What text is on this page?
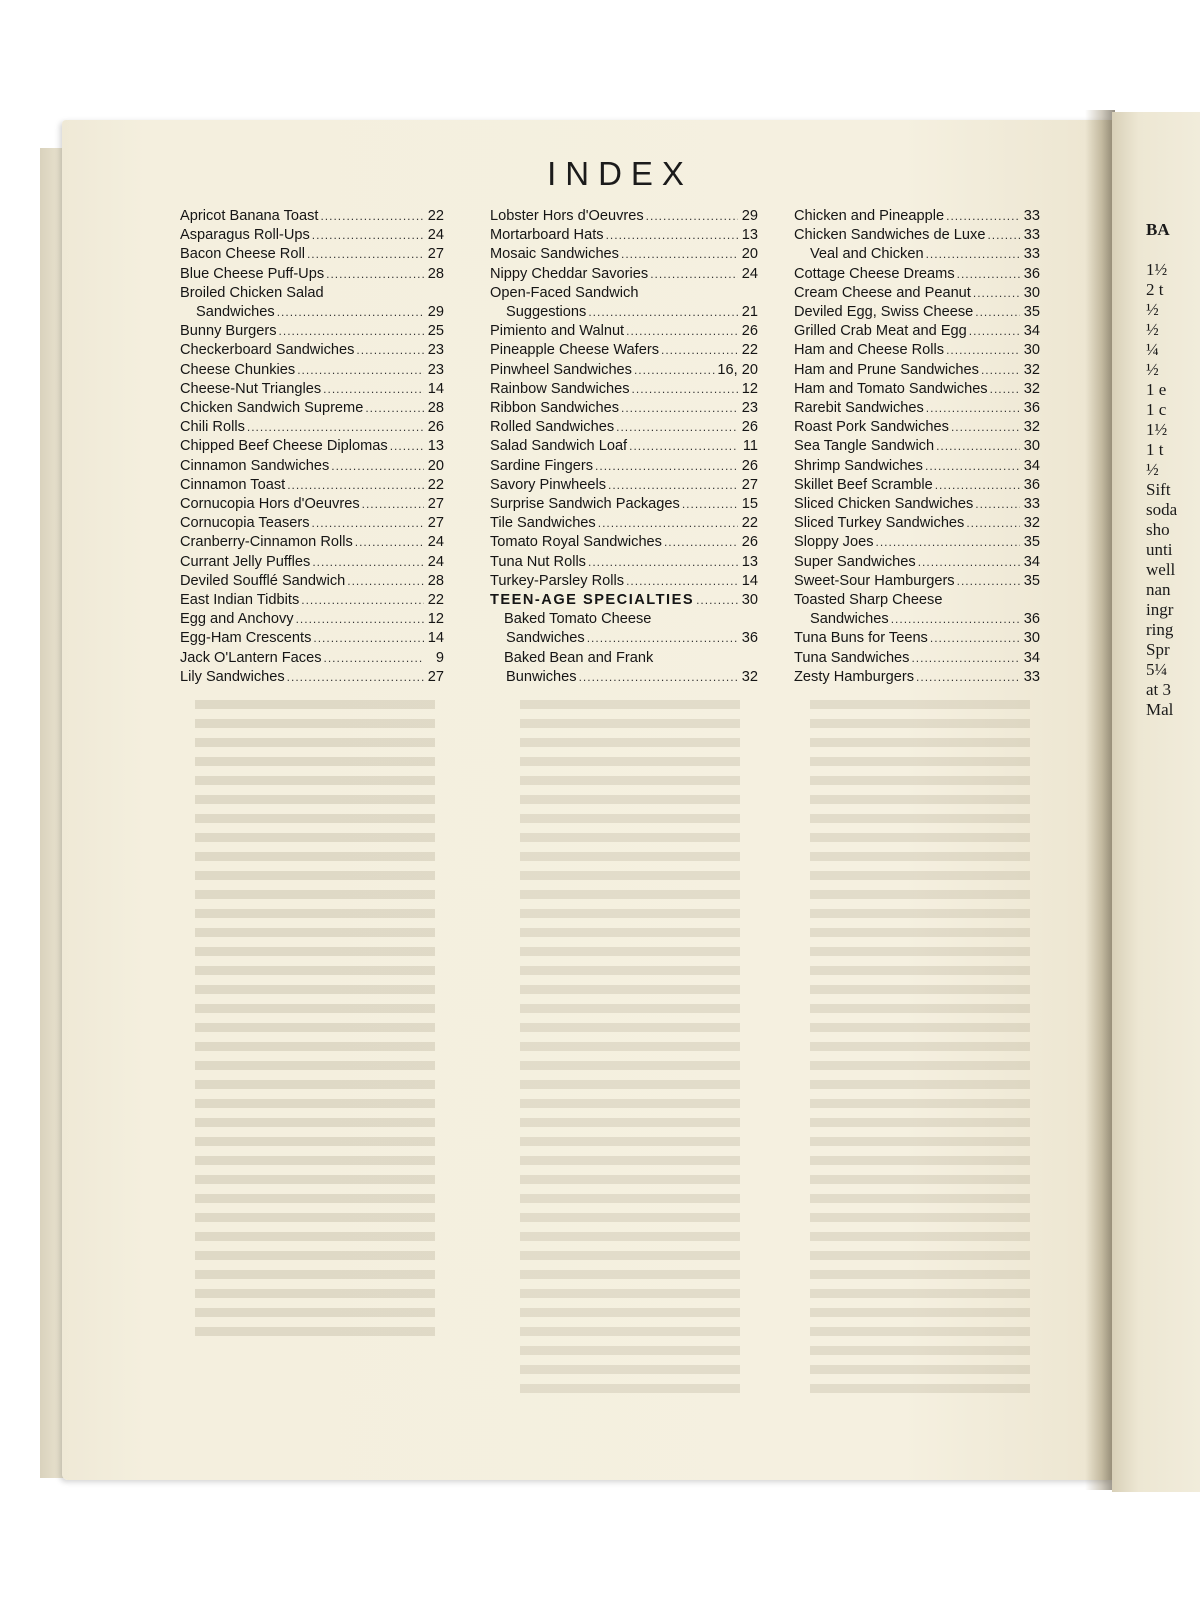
INDEX
Apricot Banana Toast .....	22
Asparagus Roll-Ups .....	24
Bacon Cheese Roll .....	27
Blue Cheese Puff-Ups .....	28
Broiled Chicken Salad
Sandwiches .....	29
Bunny Burgers .....	25
Checkerboard Sandwiches .....	23
Cheese Chunkies .....	23
Cheese-Nut Triangles .....	14
Chicken Sandwich Supreme .....	28
Chili Rolls .....	26
Chipped Beef Cheese Diplomas .....	13
Cinnamon Sandwiches .....	20
Cinnamon Toast .....	22
Cornucopia Hors d'Oeuvres .....	27
Cornucopia Teasers .....	27
Cranberry-Cinnamon Rolls .....	24
Currant Jelly Puffles .....	24
Deviled Soufflé Sandwich .....	28
East Indian Tidbits .....	22
Egg and Anchovy .....	12
Egg-Ham Crescents .....	14
Jack O'Lantern Faces .....	9
Lily Sandwiches .....	27
Lobster Hors d'Oeuvres .....	29
Mortarboard Hats .....	13
Mosaic Sandwiches .....	20
Nippy Cheddar Savories .....	24
Open-Faced Sandwich
Suggestions .....	21
Pimiento and Walnut .....	26
Pineapple Cheese Wafers .....	22
Pinwheel Sandwiches .....	16, 20
Rainbow Sandwiches .....	12
Ribbon Sandwiches .....	23
Rolled Sandwiches .....	26
Salad Sandwich Loaf .....	11
Sardine Fingers .....	26
Savory Pinwheels .....	27
Surprise Sandwich Packages .....	15
Tile Sandwiches .....	22
Tomato Royal Sandwiches .....	26
Tuna Nut Rolls .....	13
Turkey-Parsley Rolls .....	14
TEEN-AGE SPECIALTIES .....	30
Baked Tomato Cheese
Sandwiches .....	36
Baked Bean and Frank
Bunwiches .....	32
Chicken and Pineapple .....	33
Chicken Sandwiches de Luxe .....	33
Veal and Chicken .....	33
Cottage Cheese Dreams .....	36
Cream Cheese and Peanut .....	30
Deviled Egg, Swiss Cheese .....	35
Grilled Crab Meat and Egg .....	34
Ham and Cheese Rolls .....	30
Ham and Prune Sandwiches .....	32
Ham and Tomato Sandwiches ..... 32
Rarebit Sandwiches .....	36
Roast Pork Sandwiches .....	32
Sea Tangle Sandwich .....	30
Shrimp Sandwiches .....	34
Skillet Beef Scramble .....	36
Sliced Chicken Sandwiches .....	33
Sliced Turkey Sandwiches .....	32
Sloppy Joes .....	35
Super Sandwiches .....	34
Sweet-Sour Hamburgers .....	35
Toasted Sharp Cheese
Sandwiches .....	36
Tuna Buns for Teens .....	30
Tuna Sandwiches .....	34
Zesty Hamburgers .....	33
BA
1½
2 t
½
½
¼
½
1 e
1 c
1½
1 t
½
Sift
soda
sho
unti
well
nan
ingr
ring
Spr
5¼
at 3
Mal
